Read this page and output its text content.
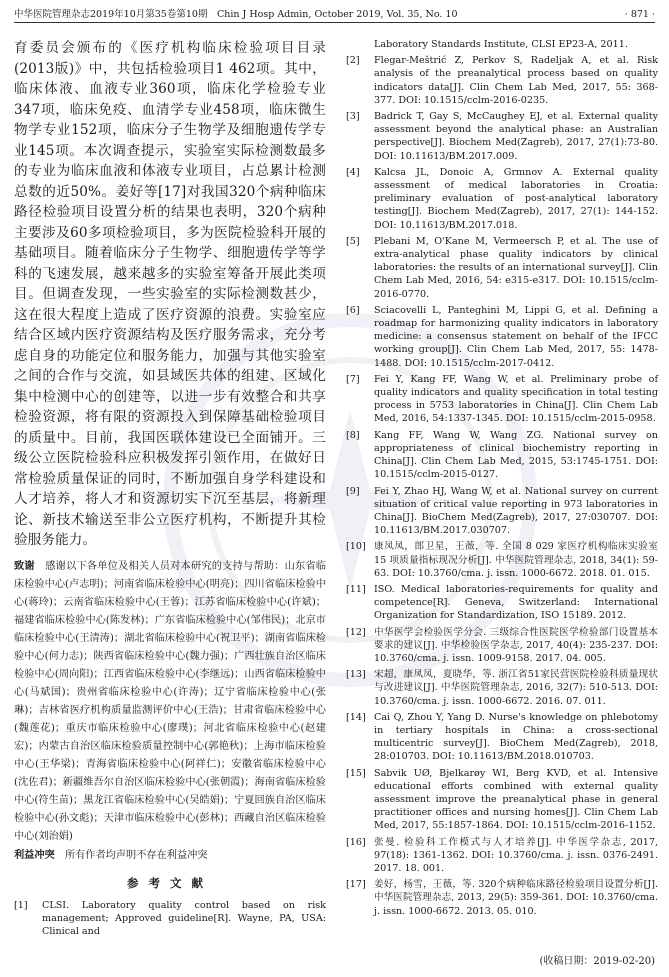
中华医院管理杂志2019年10月第35卷第10期　Chin J Hosp Admin, October 2019, Vol. 35, No. 10	· 871 ·

育委员会颁布的《医疗机构临床检验项目目录(2013版)》中，共包括检验项目1 462项。其中，临床体液、血液专业360项，临床化学检验专业347项，临床免疫、血清学专业458项，临床微生物学专业152项，临床分子生物学及细胞遗传学专业145项。本次调查提示，实验室实际检测数最多的专业为临床血液和体液专业项目，占总累计检测总数的近50%。姜好等[17]对我国320个病种临床路径检验项目设置分析的结果也表明，320个病种主要涉及60多项检验项目，多为医院检验科开展的基础项目。随着临床分子生物学、细胞遗传学等学科的飞速发展，越来越多的实验室筹备开展此类项目。但调查发现，一些实验室的实际检测数甚少，这在很大程度上造成了医疗资源的浪费。实验室应结合区域内医疗资源结构及医疗服务需求，充分考虑自身的功能定位和服务能力，加强与其他实验室之间的合作与交流，如县域医共体的组建、区域化集中检测中心的创建等，以进一步有效整合和共享检验资源，将有限的资源投入到保障基础检验项目的质量中。目前，我国医联体建设已全面铺开。三级公立医院检验科应积极发挥引领作用，在做好日常检验质量保证的同时，不断加强自身学科建设和人才培养，将人才和资源切实下沉至基层，将新理论、新技术输送至非公立医疗机构，不断提升其检验服务能力。

致谢　 感谢以下各单位及相关人员对本研究的支持与帮助：山东省临床检验中心(卢志明)；河南省临床检验中心(明亮)；四川省临床检验中心(蒋玲)；云南省临床检验中心(王蓉)；江苏省临床检验中心(许斌)；福建省临床检验中心(陈发林)；广东省临床检验中心(邹伟民)；北京市临床检验中心(王清涛)；湖北省临床检验中心(祝卫平)；湖南省临床检验中心(何力志)；陕西省临床检验中心(魏力强)；广西壮族自治区临床检验中心(周向阳)；江西省临床检验中心(李继远)；山西省临床检验中心(马斌国)；贵州省临床检验中心(许涛)；辽宁省临床检验中心(张琳)；吉林省医疗机构质量监测评价中心(王浩)；甘肃省临床检验中心(魏莲花)；重庆市临床检验中心(廖璞)；河北省临床检验中心(赵建宏)；内蒙古自治区临床检验质量控制中心(郭艳秋)；上海市临床检验中心(王华梁)；青海省临床检验中心(阿祥仁)；安徽省临床检验中心(沈佐君)；新疆维吾尔自治区临床检验中心(张朝霞)；海南省临床检验中心(符生苗)；黑龙江省临床检验中心(吴皓娟)；宁夏回族自治区临床检验中心(孙文彪)；天津市临床检验中心(彭林)；西藏自治区临床检验中心(刘治娟)

利益冲突　 所有作者均声明不存在利益冲突

参考文献
[1]	CLSI. Laboratory quality control based on risk management; Approved guideline[R]. Wayne, PA, USA: Clinical and
Laboratory Standards Institute, CLSI EP23-A, 2011.
[2]	Flegar-Meštrić Z, Perkov S, Radeljak A, et al. Risk analysis of the preanalytical process based on quality indicators data[J]. Clin Chem Lab Med, 2017, 55: 368-377. DOI: 10.1515/cclm-2016-0235.
[3]	Badrick T, Gay S, McCaughey EJ, et al. External quality assessment beyond the analytical phase: an Australian perspective[J]. Biochem Med(Zagreb), 2017, 27(1):73-80. DOI: 10.11613/BM.2017.009.
[4]	Kalcsa JL, Donoic A, Grmnov A. External quality assessment of medical laboratories in Croatia: preliminary evaluation of post-analytical laboratory testing[J]. Biochem Med(Zagreb), 2017, 27(1): 144-152. DOI: 10.11613/BM.2017.018.
[5]	Plebani M, O'Kane M, Vermeersch P, et al. The use of extra-analytical phase quality indicators by clinical laboratories: the results of an international survey[J]. Clin Chem Lab Med, 2016, 54: e315-e317. DOI: 10.1515/cclm-2016-0770.
[6]	Sciacovelli L, Panteghini M, Lippi G, et al. Defining a roadmap for harmonizing quality indicators in laboratory medicine: a consensus statement on behalf of the IFCC working group[J]. Clin Chem Lab Med, 2017, 55: 1478-1488. DOI: 10.1515/cclm-2017-0412.
[7]	Fei Y, Kang FF, Wang W, et al. Preliminary probe of quality indicators and quality specification in total testing process in 5753 laboratories in China[J]. Clin Chem Lab Med, 2016, 54:1337-1345. DOI: 10.1515/cclm-2015-0958.
[8]	Kang FF, Wang W, Wang ZG. National survey on appropriateness of clinical biochemistry reporting in China[J]. Clin Chem Lab Med, 2015, 53:1745-1751. DOI: 10.1515/cclm-2015-0127.
[9]	Fei Y, Zhao HJ, Wang W, et al. National survey on current situation of critical value reporting in 973 laboratories in China[J]. BioChem Med(Zagreb), 2017, 27:030707. DOI: 10.11613/BM.2017.030707.
[10] 康凤凤，郎卫星，王薇，等. 全国 8 029 家医疗机构临床实验室 15 项质量指标现况分析[J]. 中华医院管理杂志, 2018, 34(1): 59-63. DOI: 10.3760/cma. j. issn. 1000-6672. 2018. 01. 015.
[11] ISO. Medical laboratories-requirements for quality and competence[R]. Geneva, Switzerland: International Organization for Standardization, ISO 15189. 2012.
[12] 中华医学会检验医学分会. 三级综合性医院医学检验部门设置基本要求的建议[J]. 中华检验医学杂志, 2017, 40(4): 235-237. DOI: 10.3760/cma. j. issn. 1009-9158. 2017. 04. 005.
[13] 宋超，康凤凤，夏晓华，等. 浙江省51家民营医院检验科质量现状与改进建议[J]. 中华医院管理杂志, 2016, 32(7): 510-513. DOI: 10.3760/cma. j. issn. 1000-6672. 2016. 07. 011.
[14] Cai Q, Zhou Y, Yang D. Nurse's knowledge on phlebotomy in tertiary hospitals in China: a cross-sectional multicentric survey[J]. BioChem Med(Zagreb), 2018, 28:010703. DOI: 10.11613/BM.2018.010703.
[15] Sabvik UØ, Bjelkarøy WI, Berg KVD, et al. Intensive educational efforts combined with external quality assessment improve the preanalytical phase in general practitioner offices and nursing homes[J]. Clin Chem Lab Med, 2017, 55:1857-1864. DOI: 10.1515/cclm-2016-1152.
[16] 张曼. 检验科工作模式与人才培养[J]. 中华医学杂志, 2017, 97(18): 1361-1362. DOI: 10.3760/cma. j. issn. 0376-2491. 2017. 18. 001.
[17] 姜好，杨雪，王薇，等. 320个病种临床路径检验项目设置分析[J]. 中华医院管理杂志, 2013, 29(5): 359-361. DOI: 10.3760/cma. j. issn. 1000-6672. 2013. 05. 010.
(收稿日期：2019-02-20)
